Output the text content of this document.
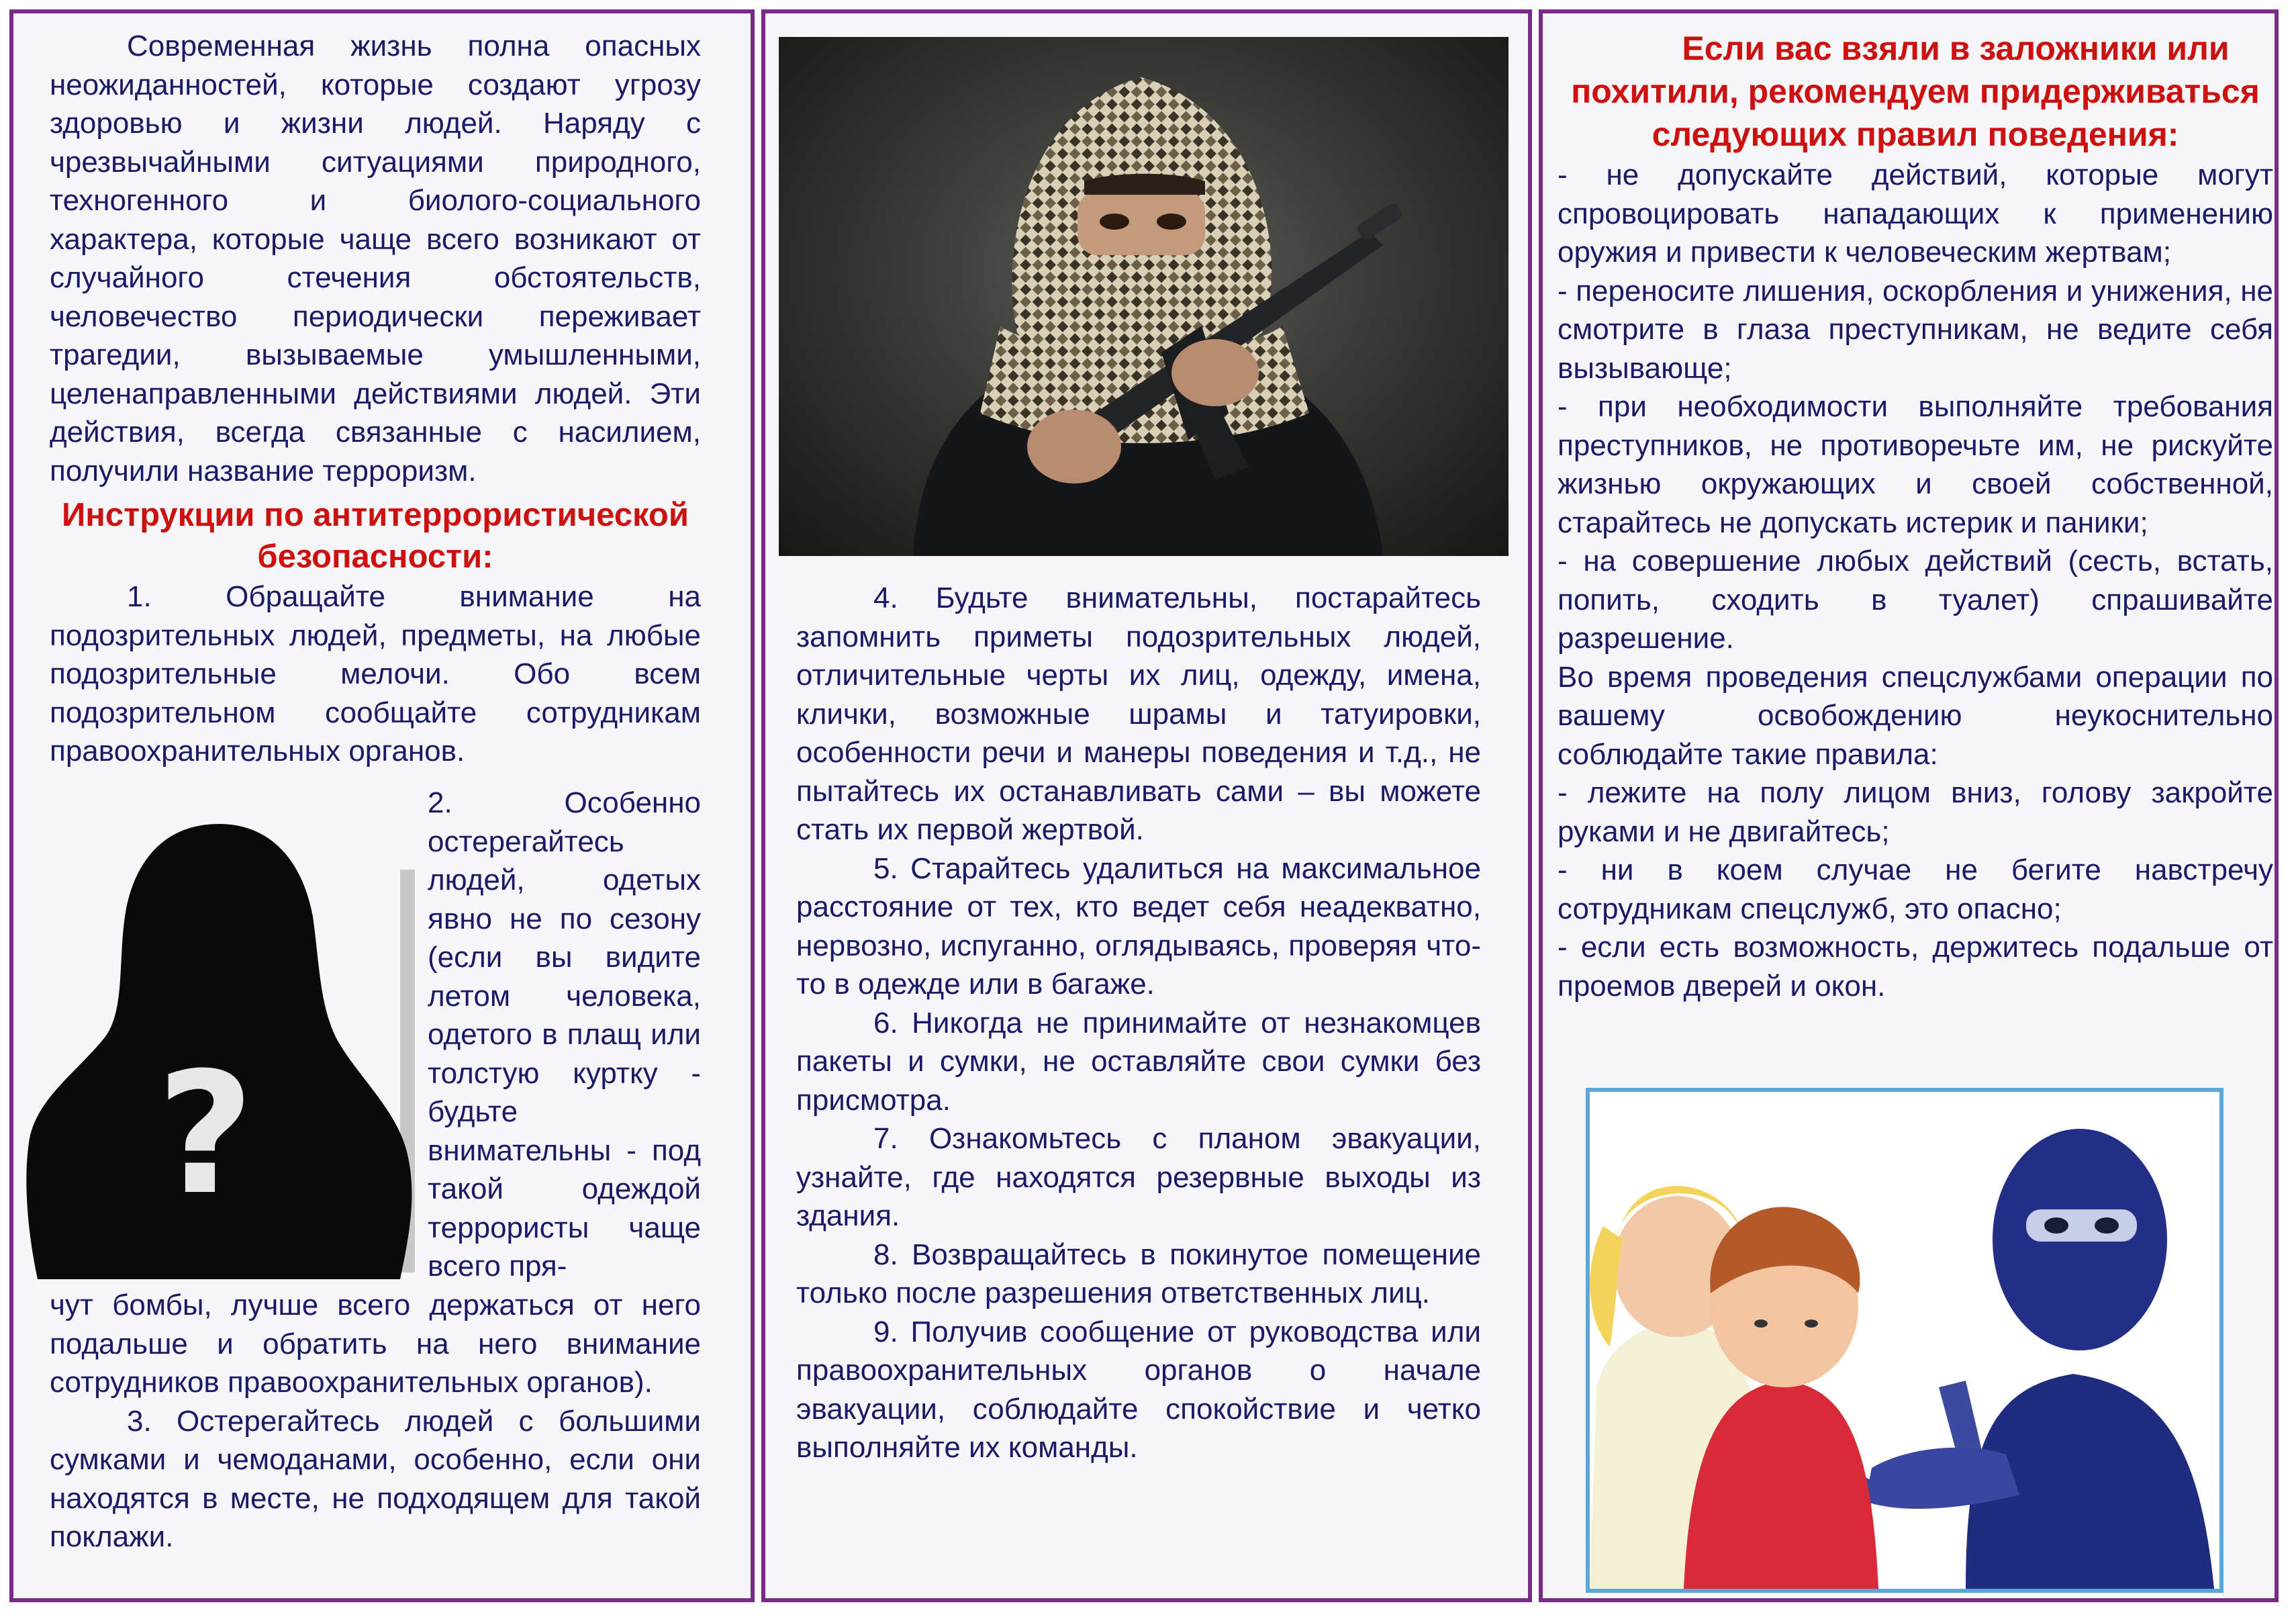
Современная жизнь полна опасных неожиданностей, которые создают угрозу здоровью и жизни людей. Наряду с чрезвычайными ситуациями природного, техногенного и биолого-социального характера, которые чаще всего возникают от случайного стечения обстоятельств, человечество периодически переживает трагедии, вызываемые умышленными, целенаправленными действиями людей. Эти действия, всегда связанные с насилием, получили название терроризм.

Инструкции по антитеррористической безопасности:

1. Обращайте внимание на подозрительных людей, предметы, на любые подозрительные мелочи. Обо всем подозрительном сообщайте сотрудникам правоохранительных органов.

?

2. Особенно остерегайтесь людей, одетых явно не по сезону (если вы видите летом человека, одетого в плащ или толстую куртку - будьте внимательны - под такой одеждой террористы чаще всего пря-

чут бомбы, лучше всего держаться от него подальше и обратить на него внимание сотрудников правоохранительных органов).

3. Остерегайтесь людей с большими сумками и чемоданами, особенно, если они находятся в месте, не подходящем для такой поклажи.

4. Будьте внимательны, постарайтесь запомнить приметы подозрительных людей, отличительные черты их лиц, одежду, имена, клички, возможные шрамы и татуировки, особенности речи и манеры поведения и т.д., не пытайтесь их останавливать сами – вы можете стать их первой жертвой.

5. Старайтесь удалиться на максимальное расстояние от тех, кто ведет себя неадекватно, нервозно, испуганно, оглядываясь, проверяя что-то в одежде или в багаже.

6. Никогда не принимайте от незнакомцев пакеты и сумки, не оставляйте свои сумки без присмотра.

7. Ознакомьтесь с планом эвакуации, узнайте, где находятся резервные выходы из здания.

8. Возвращайтесь в покинутое помещение только после разрешения ответственных лиц.

9. Получив сообщение от руководства или правоохранительных органов о начале эвакуации, соблюдайте спокойствие и четко выполняйте их команды.

Если вас взяли в заложники или похитили, рекомендуем придерживаться следующих правил поведения:

- не допускайте действий, которые могут спровоцировать нападающих к применению оружия и привести к человеческим жертвам;

- переносите лишения, оскорбления и унижения, не смотрите в глаза преступникам, не ведите себя вызывающе;

- при необходимости выполняйте требования преступников, не противоречьте им, не рискуйте жизнью окружающих и своей собственной, старайтесь не допускать истерик и паники;

- на совершение любых действий (сесть, встать, попить, сходить в туалет) спрашивайте разрешение.

Во время проведения спецслужбами операции по вашему освобождению неукоснительно соблюдайте такие правила:

- лежите на полу лицом вниз, голову закройте руками и не двигайтесь;

- ни в коем случае не бегите навстречу сотрудникам спецслужб, это опасно;

- если есть возможность, держитесь подальше от проемов дверей и окон.
